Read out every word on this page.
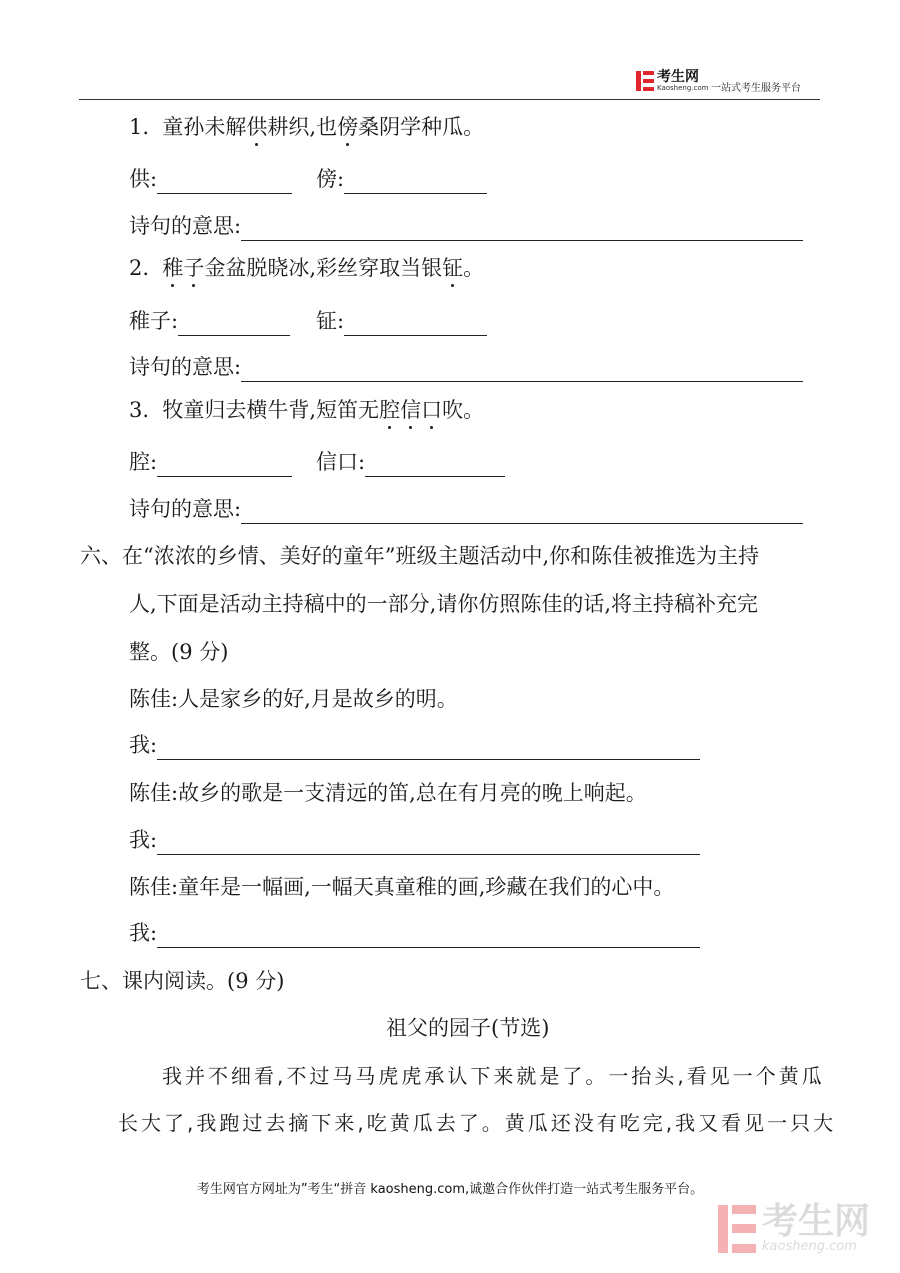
考生网
Kaosheng.com 一站式考生服务平台
1. 童孙未解供耕织,也傍桑阴学种瓜。
供:	傍:
诗句的意思:
2. 稚子金盆脱晓冰,彩丝穿取当银钲。
稚子:	钲:
诗句的意思:
3. 牧童归去横牛背,短笛无腔信口吹。
腔:	信口:
诗句的意思:
六、在“浓浓的乡情、美好的童年”班级主题活动中,你和陈佳被推选为主持
人,下面是活动主持稿中的一部分,请你仿照陈佳的话,将主持稿补充完
整。(9 分)
陈佳:人是家乡的好,月是故乡的明。
我:
陈佳:故乡的歌是一支清远的笛,总在有月亮的晚上响起。
我:
陈佳:童年是一幅画,一幅天真童稚的画,珍藏在我们的心中。
我:
七、课内阅读。(9 分)
祖父的园子(节选)
我并不细看,不过马马虎虎承认下来就是了。一抬头,看见一个黄瓜
长大了,我跑过去摘下来,吃黄瓜去了。黄瓜还没有吃完,我又看见一只大
考生网官方网址为”考生“拼音 kaosheng.com,诚邀合作伙伴打造一站式考生服务平台。
考生网
kaosheng.com
